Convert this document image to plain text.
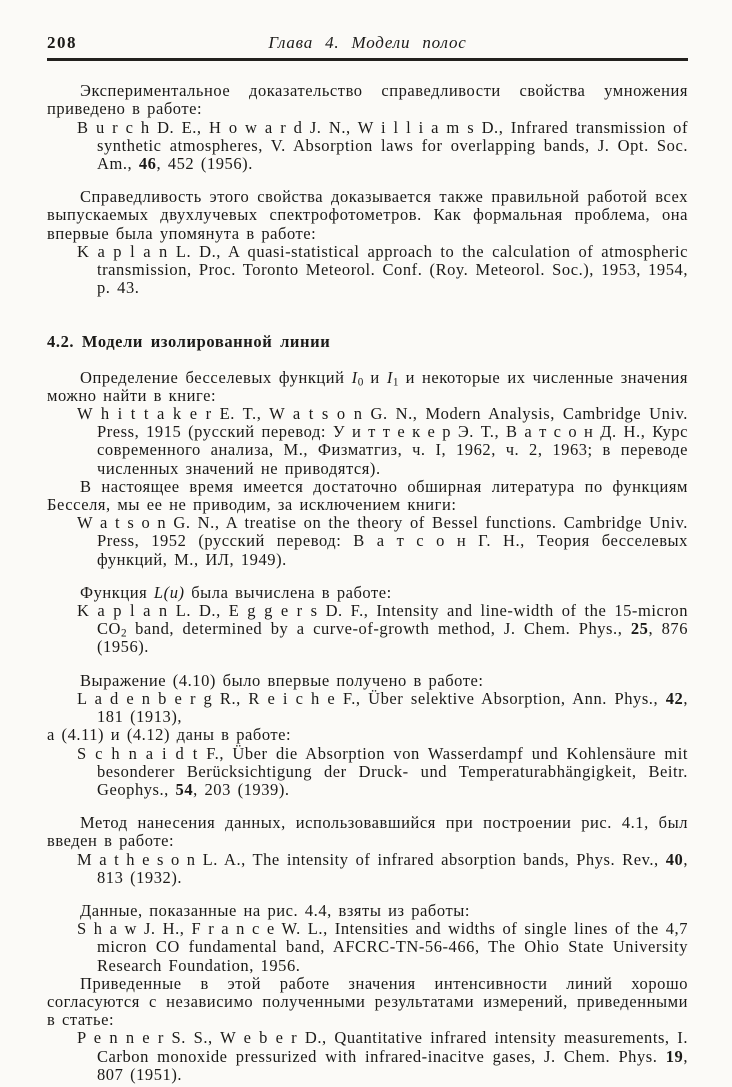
208	Глава 4. Модели полос

Экспериментальное доказательство справедливости свойства умножения приведено в работе:

B u r c h D. E., H o w a r d J. N., W i l l i a m s D., Infrared transmission of synthetic atmospheres, V. Absorption laws for overlapping bands, J. Opt. Soc. Am., 46, 452 (1956).

Справедливость этого свойства доказывается также правильной работой всех выпускаемых двухлучевых спектрофотометров. Как формальная проблема, она впервые была упомянута в работе:

K a p l a n L. D., A quasi-statistical approach to the calculation of atmospheric transmission, Proc. Toronto Meteorol. Conf. (Roy. Meteorol. Soc.), 1953, 1954, p. 43.

4.2. Модели изолированной линии

Определение бесселевых функций $I_0$ и $I_1$ и некоторые их численные значения можно найти в книге:

W h i t t a k e r E. T., W a t s o n G. N., Modern Analysis, Cambridge Univ. Press, 1915 (русский перевод: У и т т е к е р Э. Т., В а т с о н Д. Н., Курс современного анализа, М., Физматгиз, ч. I, 1962, ч. 2, 1963; в переводе численных значений не приводятся).

В настоящее время имеется достаточно обширная литература по функциям Бесселя, мы ее не приводим, за исключением книги:

W a t s o n G. N., A treatise on the theory of Bessel functions. Cambridge Univ. Press, 1952 (русский перевод: В а т с о н Г. Н., Теория бесселевых функций, М., ИЛ, 1949).

Функция L(u) была вычислена в работе:

K a p l a n L. D., E g g e r s D. F., Intensity and line-width of the 15-micron $CO_2$ band, determined by a curve-of-growth method, J. Chem. Phys., 25, 876 (1956).

Выражение (4.10) было впервые получено в работе:

L a d e n b e r g R., R e i c h e F., Über selektive Absorption, Ann. Phys., 42, 181 (1913),

а (4.11) и (4.12) даны в работе:

S c h n a i d t F., Über die Absorption von Wasserdampf und Kohlensäure mit besonderer Berücksichtigung der Druck- und Temperaturabhängigkeit, Beitr. Geophys., 54, 203 (1939).

Метод нанесения данных, использовавшийся при построении рис. 4.1, был введен в работе:

M a t h e s o n L. A., The intensity of infrared absorption bands, Phys. Rev., 40, 813 (1932).

Данные, показанные на рис. 4.4, взяты из работы:

S h a w J. H., F r a n c e W. L., Intensities and widths of single lines of the 4,7 micron CO fundamental band, AFCRC-TN-56-466, The Ohio State University Research Foundation, 1956.

Приведенные в этой работе значения интенсивности линий хорошо согласуются с независимо полученными результатами измерений, приведенными в статье:

P e n n e r S. S., W e b e r D., Quantitative infrared intensity measurements, I. Carbon monoxide pressurized with infrared-inacitve gases, J. Chem. Phys. 19, 807 (1951).
